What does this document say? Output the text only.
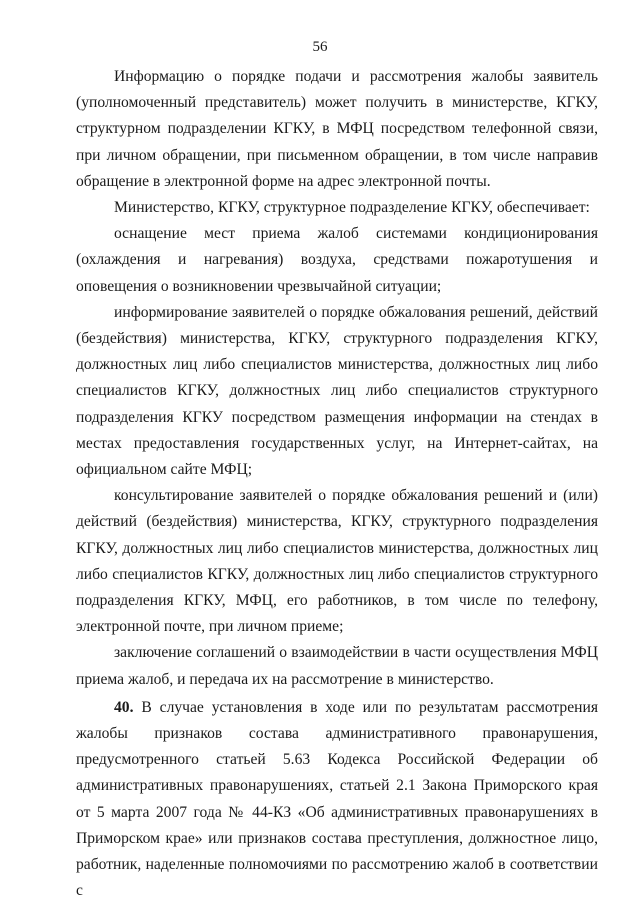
56

Информацию о порядке подачи и рассмотрения жалобы заявитель (уполномоченный представитель) может получить в министерстве, КГКУ, структурном подразделении КГКУ, в МФЦ посредством телефонной связи, при личном обращении, при письменном обращении, в том числе направив обращение в электронной форме на адрес электронной почты.

Министерство, КГКУ, структурное подразделение КГКУ, обеспечивает:

оснащение мест приема жалоб системами кондиционирования (охлаждения и нагревания) воздуха, средствами пожаротушения и оповещения о возникновении чрезвычайной ситуации;

информирование заявителей о порядке обжалования решений, действий (бездействия) министерства, КГКУ, структурного подразделения КГКУ, должностных лиц либо специалистов министерства, должностных лиц либо специалистов КГКУ, должностных лиц либо специалистов структурного подразделения КГКУ посредством размещения информации на стендах в местах предоставления государственных услуг, на Интернет-сайтах, на официальном сайте МФЦ;

консультирование заявителей о порядке обжалования решений и (или) действий (бездействия) министерства, КГКУ, структурного подразделения КГКУ, должностных лиц либо специалистов министерства, должностных лиц либо специалистов КГКУ, должностных лиц либо специалистов структурного подразделения КГКУ, МФЦ, его работников, в том числе по телефону, электронной почте, при личном приеме;

заключение соглашений о взаимодействии в части осуществления МФЦ приема жалоб, и передача их на рассмотрение в министерство.

40. В случае установления в ходе или по результатам рассмотрения жалобы признаков состава административного правонарушения, предусмотренного статьей 5.63 Кодекса Российской Федерации об административных правонарушениях, статьей 2.1 Закона Приморского края от 5 марта 2007 года № 44-КЗ «Об административных правонарушениях в Приморском крае» или признаков состава преступления, должностное лицо, работник, наделенные полномочиями по рассмотрению жалоб в соответствии с
